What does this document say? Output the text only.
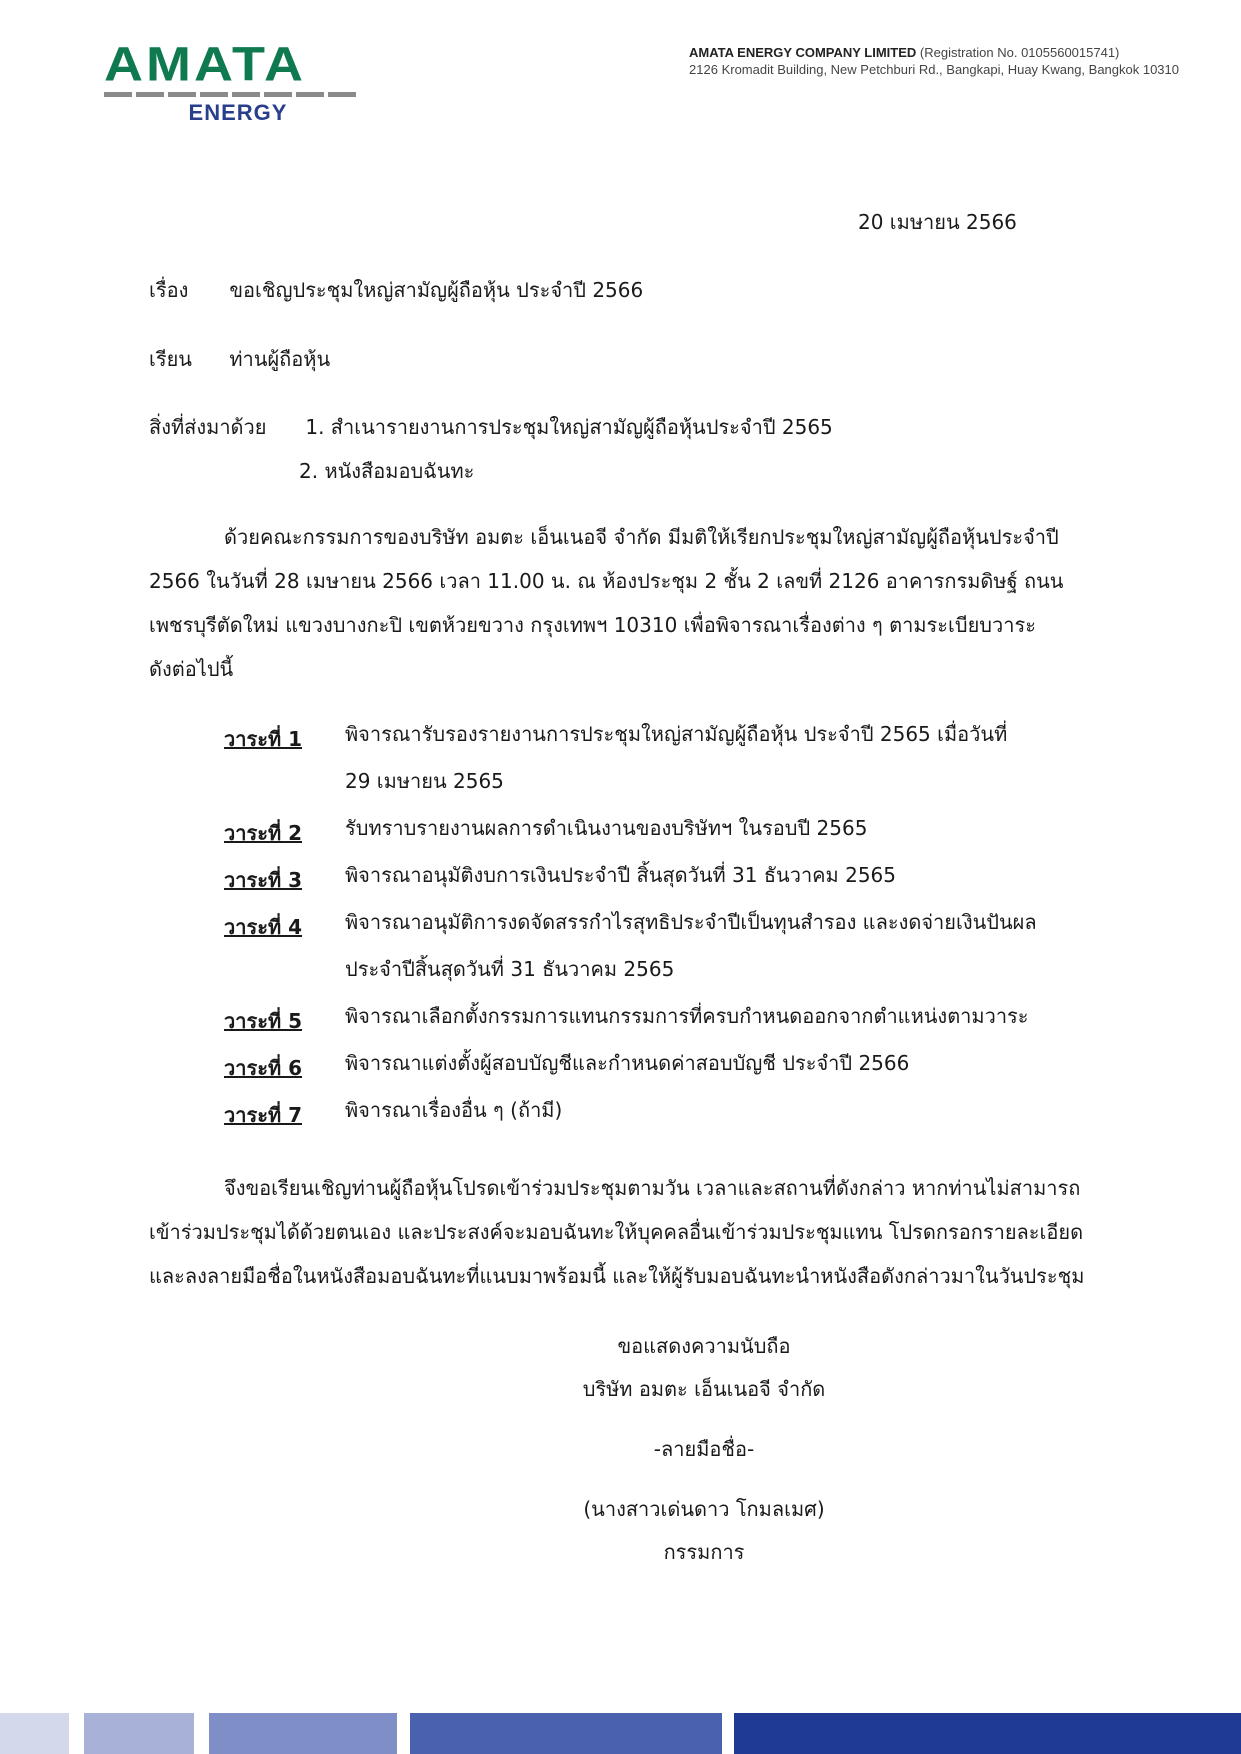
AMATA
ENERGY
AMATA ENERGY COMPANY LIMITED (Registration No. 0105560015741)
2126 Kromadit Building, New Petchburi Rd., Bangkapi, Huay Kwang, Bangkok 10310
20 เมษายน 2566
เรื่อง ขอเชิญประชุมใหญ่สามัญผู้ถือหุ้น ประจำปี 2566
เรียน ท่านผู้ถือหุ้น
สิ่งที่ส่งมาด้วย 1. สำเนารายงานการประชุมใหญ่สามัญผู้ถือหุ้นประจำปี 2565
2. หนังสือมอบฉันทะ
ด้วยคณะกรรมการของบริษัท อมตะ เอ็นเนอจี จำกัด มีมติให้เรียกประชุมใหญ่สามัญผู้ถือหุ้นประจำปี
2566 ในวันที่ 28 เมษายน 2566 เวลา 11.00 น. ณ ห้องประชุม 2 ชั้น 2 เลขที่ 2126 อาคารกรมดิษฐ์ ถนน
เพชรบุรีตัดใหม่ แขวงบางกะปิ เขตห้วยขวาง กรุงเทพฯ 10310 เพื่อพิจารณาเรื่องต่าง ๆ ตามระเบียบวาระ
ดังต่อไปนี้
วาระที่ 1 พิจารณารับรองรายงานการประชุมใหญ่สามัญผู้ถือหุ้น ประจำปี 2565 เมื่อวันที่
29 เมษายน 2565
วาระที่ 2 รับทราบรายงานผลการดำเนินงานของบริษัทฯ ในรอบปี 2565
วาระที่ 3 พิจารณาอนุมัติงบการเงินประจำปี สิ้นสุดวันที่ 31 ธันวาคม 2565
วาระที่ 4 พิจารณาอนุมัติการงดจัดสรรกำไรสุทธิประจำปีเป็นทุนสำรอง และงดจ่ายเงินปันผล
ประจำปีสิ้นสุดวันที่ 31 ธันวาคม 2565
วาระที่ 5 พิจารณาเลือกตั้งกรรมการแทนกรรมการที่ครบกำหนดออกจากตำแหน่งตามวาระ
วาระที่ 6 พิจารณาแต่งตั้งผู้สอบบัญชีและกำหนดค่าสอบบัญชี ประจำปี 2566
วาระที่ 7 พิจารณาเรื่องอื่น ๆ (ถ้ามี)
จึงขอเรียนเชิญท่านผู้ถือหุ้นโปรดเข้าร่วมประชุมตามวัน เวลาและสถานที่ดังกล่าว หากท่านไม่สามารถ
เข้าร่วมประชุมได้ด้วยตนเอง และประสงค์จะมอบฉันทะให้บุคคลอื่นเข้าร่วมประชุมแทน โปรดกรอกรายละเอียด
และลงลายมือชื่อในหนังสือมอบฉันทะที่แนบมาพร้อมนี้ และให้ผู้รับมอบฉันทะนำหนังสือดังกล่าวมาในวันประชุม
ขอแสดงความนับถือ
บริษัท อมตะ เอ็นเนอจี จำกัด
-ลายมือชื่อ-
(นางสาวเด่นดาว โกมลเมศ)
กรรมการ
